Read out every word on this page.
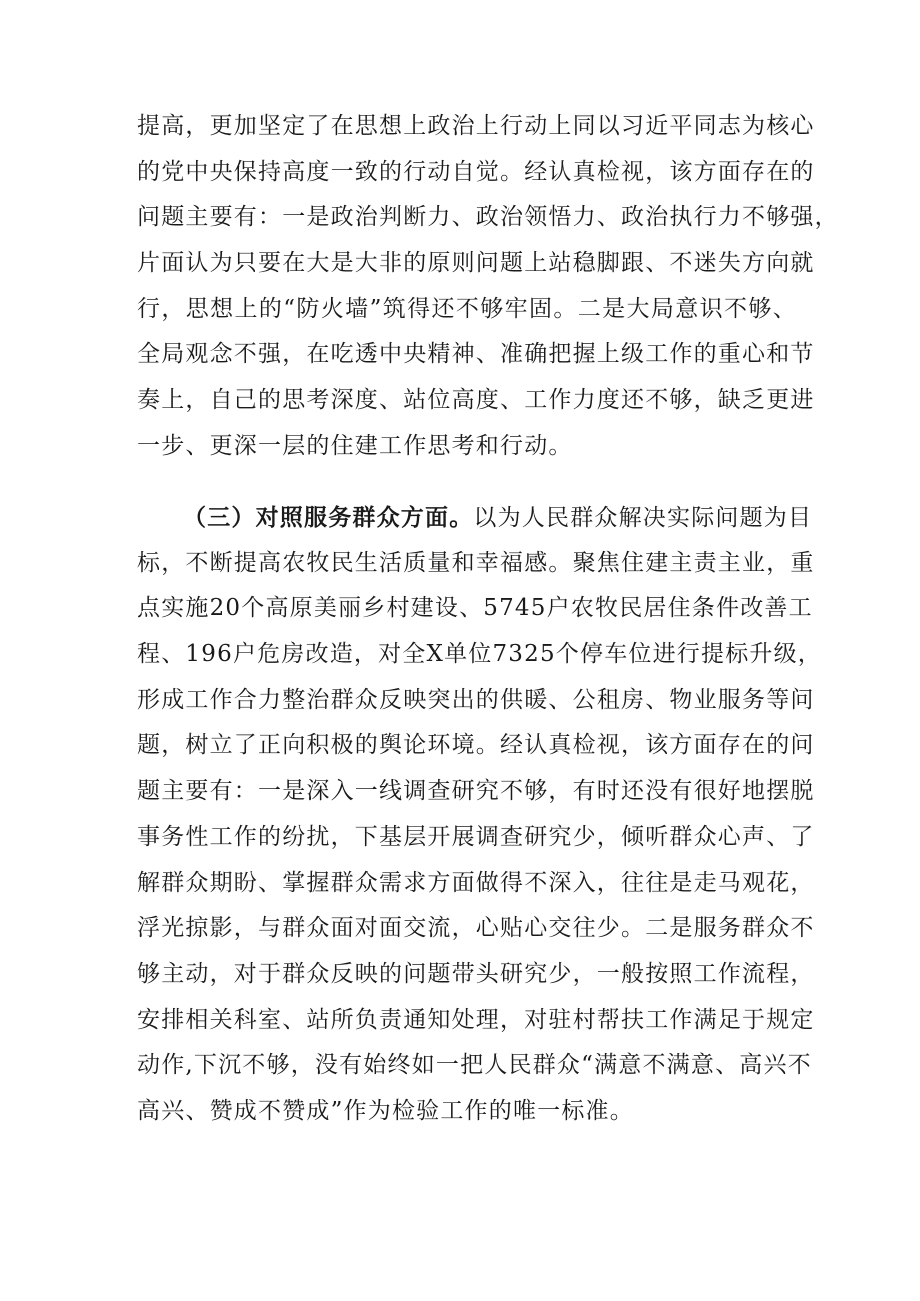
提高，更加坚定了在思想上政治上行动上同以习近平同志为核心
的党中央保持高度一致的行动自觉。经认真检视，该方面存在的
问题主要有：一是政治判断力、政治领悟力、政治执行力不够强，
片面认为只要在大是大非的原则问题上站稳脚跟、不迷失方向就
行，思想上的“防火墙”筑得还不够牢固。二是大局意识不够、
全局观念不强，在吃透中央精神、准确把握上级工作的重心和节
奏上，自己的思考深度、站位高度、工作力度还不够，缺乏更进
一步、更深一层的住建工作思考和行动。
（三）对照服务群众方面。以为人民群众解决实际问题为目
标，不断提高农牧民生活质量和幸福感。聚焦住建主责主业，重
点实施20个高原美丽乡村建设、5745户农牧民居住条件改善工
程、196户危房改造，对全X单位7325个停车位进行提标升级，
形成工作合力整治群众反映突出的供暖、公租房、物业服务等问
题，树立了正向积极的舆论环境。经认真检视，该方面存在的问
题主要有：一是深入一线调查研究不够，有时还没有很好地摆脱
事务性工作的纷扰，下基层开展调查研究少，倾听群众心声、了
解群众期盼、掌握群众需求方面做得不深入，往往是走马观花，
浮光掠影，与群众面对面交流，心贴心交往少。二是服务群众不
够主动，对于群众反映的问题带头研究少，一般按照工作流程，
安排相关科室、站所负责通知处理，对驻村帮扶工作满足于规定
动作,下沉不够，没有始终如一把人民群众“满意不满意、高兴不
高兴、赞成不赞成”作为检验工作的唯一标准。
